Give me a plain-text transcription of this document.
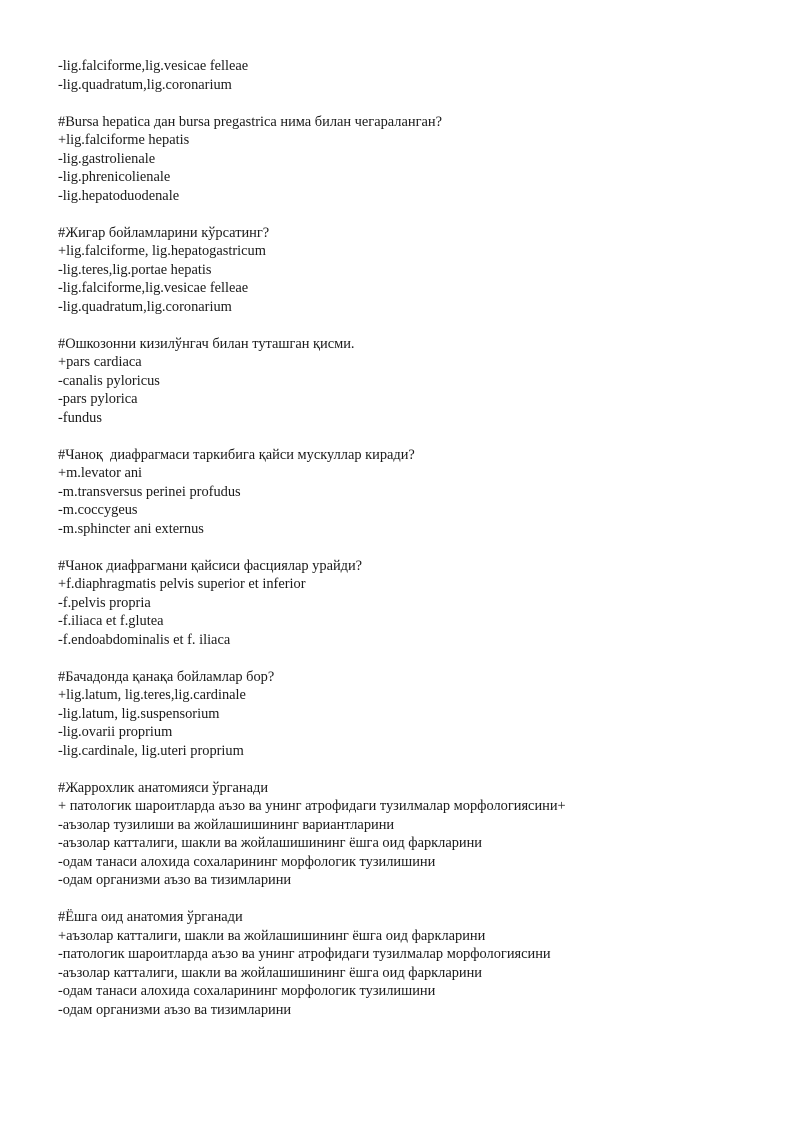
-lig.falciforme,lig.vesicae felleae
-lig.quadratum,lig.coronarium
#Bursa hepatica дан bursa pregastrica нима билан чегараланган?
+lig.falciforme hepatis
-lig.gastrolienale
-lig.phrenicolienale
-lig.hepatoduodenale
#Жигар бойламларини кўрсатинг?
+lig.falciforme, lig.hepatogastricum
-lig.teres,lig.portae hepatis
-lig.falciforme,lig.vesicae felleae
-lig.quadratum,lig.coronarium
#Ошкозонни кизилўнгач билан туташган қисми.
+pars cardiaca
-canalis pyloricus
-pars pylorica
-fundus
#Чаноқ  диафрагмаси таркибига қайси мускуллар киради?
+m.levator ani
-m.transversus perinei profudus
-m.coccygeus
-m.sphincter ani externus
#Чанок диафрагмани қайсиси фасциялар урайди?
+f.diaphragmatis pelvis superior et inferior
-f.pelvis propria
-f.iliaca et f.glutea
-f.endoabdominalis et f. iliaca
#Бачадонда қанақа бойламлар бор?
+lig.latum, lig.teres,lig.cardinale
-lig.latum, lig.suspensorium
-lig.ovarii proprium
-lig.cardinale, lig.uteri proprium
#Жаррохлик анатомияси ўрганади
+ патологик шароитларда аъзо ва унинг атрофидаги тузилмалар морфологиясини+
-аъзолар тузилиши ва жойлашишининг вариантларини
-аъзолар катталиги, шакли ва жойлашишининг ёшга оид фаркларини
-одам танаси алохида сохаларининг морфологик тузилишини
-одам организми аъзо ва тизимларини
#Ёшга оид анатомия ўрганади
+аъзолар катталиги, шакли ва жойлашишининг ёшга оид фаркларини
-патологик шароитларда аъзо ва унинг атрофидаги тузилмалар морфологиясини
-аъзолар катталиги, шакли ва жойлашишининг ёшга оид фаркларини
-одам танаси алохида сохаларининг морфологик тузилишини
-одам организми аъзо ва тизимларини
